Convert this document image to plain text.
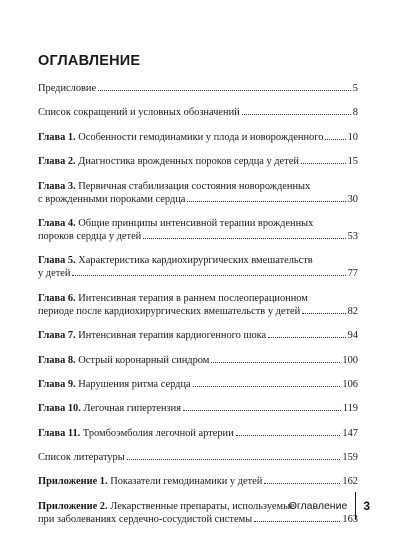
ОГЛАВЛЕНИЕ
Предисловие	5
Список сокращений и условных обозначений	8
Глава 1. Особенности гемодинамики у плода и новорожденного 10
Глава 2. Диагностика врожденных пороков сердца у детей	15
Глава 3. Первичная стабилизация состояния новорожденных
с врожденными пороками сердца	30
Глава 4. Общие принципы интенсивной терапии врожденных
пороков сердца у детей	53
Глава 5. Характеристика кардиохирургических вмешательств
у детей	77
Глава 6. Интенсивная терапия в раннем послеоперационном
периоде после кардиохирургических вмешательств у детей	82
Глава 7. Интенсивная терапия кардиогенного шока	94
Глава 8. Острый коронарный синдром	100
Глава 9. Нарушения ритма сердца	106
Глава 10. Легочная гипертензия	119
Глава 11. Тромбоэмболия легочной артерии	147
Список литературы	159
Приложение 1. Показатели гемодинамики у детей	162
Приложение 2. Лекарственные препараты, используемые
при заболеваниях сердечно-сосудистой системы	163
Оглавление	3
